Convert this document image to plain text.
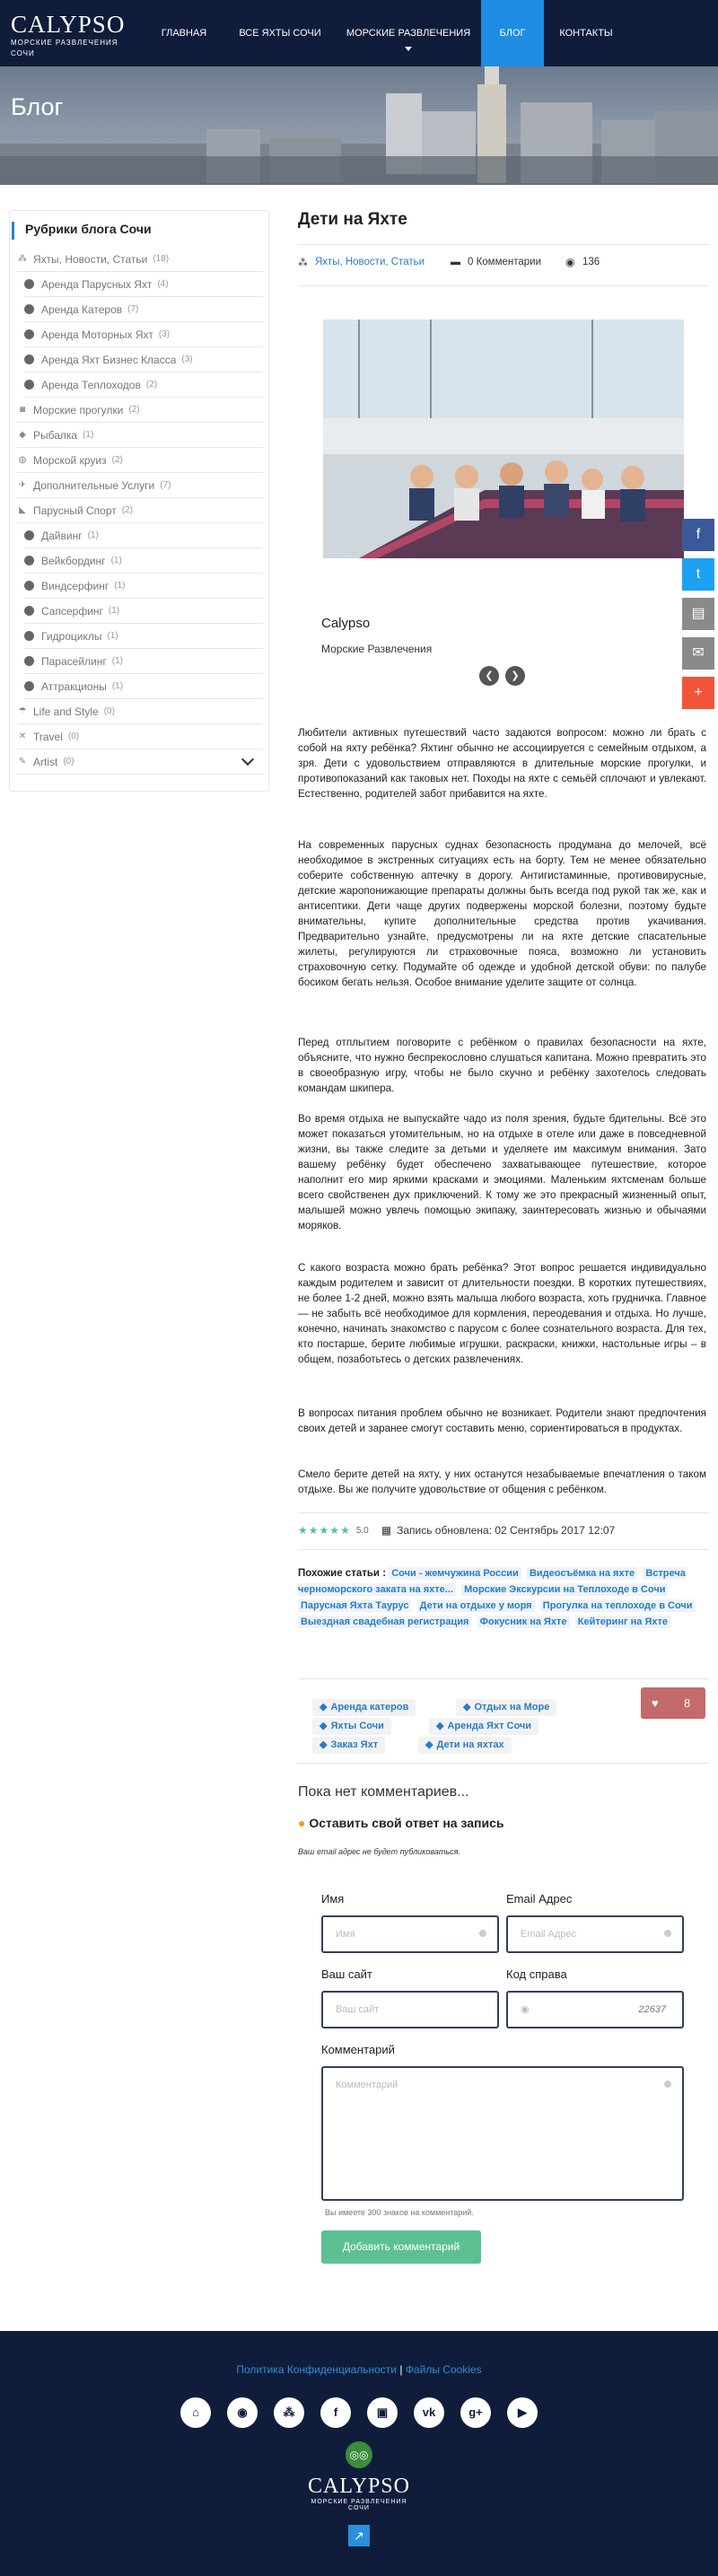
CALYPSO
МОРСКИЕ РАЗВЛЕЧЕНИЯ СОЧИ
ГЛАВНАЯ	ВСЕ ЯХТЫ СОЧИ	МОРСКИЕ РАЗВЛЕЧЕНИЯ	БЛОГ	КОНТАКТЫ
Блог
Рубрики блога Сочи
⁂ Яхты, Новости, Статьи (18)
Аренда Парусных Яхт (4)
Аренда Катеров (7)
Аренда Моторных Яхт (3)
Аренда Яхт Бизнес Класса (3)
Аренда Теплоходов (2)
◙ Морские прогулки (2)
◆ Рыбалка (1)
◍ Морской круиз (2)
✈ Дополнительные Услуги (7)
◣ Парусный Спорт (2)
Дайвинг (1)
Вейкбординг (1)
Виндсерфинг (1)
Сапсерфинг (1)
Гидроциклы (1)
Парасейлинг (1)
Аттракционы (1)
☂ Life and Style (0)
✕ Travel (0)
✎ Artist (0)
Дети на Яхте
⁂ Яхты, Новости, Статьи	▬ 0 Комментарии ◉ 136
Calypso
Морские Развлечения
❮	❯
f
t
▤
✉
+
Любители активных путешествий часто задаются вопросом: можно ли брать с собой на яхту ребёнка? Яхтинг обычно не ассоциируется с семейным отдыхом, а зря. Дети с удовольствием отправляются в длительные морские прогулки, и противопоказаний как таковых нет. Походы на яхте с семьёй сплочают и увлекают. Естественно, родителей забот прибавится на яхте.
На современных парусных суднах безопасность продумана до мелочей, всё необходимое в экстренных ситуациях есть на борту. Тем не менее обязательно соберите собственную аптечку в дорогу. Антигистаминные, противовирусные, детские жаропонижающие препараты должны быть всегда под рукой так же, как и антисептики. Дети чаще других подвержены морской болезни, поэтому будьте внимательны, купите дополнительные средства против укачивания. Предварительно узнайте, предусмотрены ли на яхте детские спасательные жилеты, регулируются ли страховочные пояса, возможно ли установить страховочную сетку. Подумайте об одежде и удобной детской обуви: по палубе босиком бегать нельзя. Особое внимание уделите защите от солнца.
Перед отплытием поговорите с ребёнком о правилах безопасности на яхте, объясните, что нужно беспрекословно слушаться капитана. Можно превратить это в своеобразную игру, чтобы не было скучно и ребёнку захотелось следовать командам шкипера.
Во время отдыха не выпускайте чадо из поля зрения, будьте бдительны. Всё это может показаться утомительным, но на отдыхе в отеле или даже в повседневной жизни, вы также следите за детьми и уделяете им максимум внимания. Зато вашему ребёнку будет обеспечено захватывающее путешествие, которое наполнит его мир яркими красками и эмоциями. Маленьким яхтсменам больше всего свойственен дух приключений. К тому же это прекрасный жизненный опыт, малышей можно увлечь помощью экипажу, заинтересовать жизнью и обычаями моряков.
С какого возраста можно брать ребёнка? Этот вопрос решается индивидуально каждым родителем и зависит от длительности поездки. В коротких путешествиях, не более 1-2 дней, можно взять малыша любого возраста, хоть грудничка. Главное — не забыть всё необходимое для кормления, переодевания и отдыха. Но лучше, конечно, начинать знакомство с парусом с более сознательного возраста. Для тех, кто постарше, берите любимые игрушки, раскраски, книжки, настольные игры – в общем, позаботьтесь о детских развлечениях.
В вопросах питания проблем обычно не возникает. Родители знают предпочтения своих детей и заранее смогут составить меню, сориентироваться в продуктах.
Смело берите детей на яхту, у них останутся незабываемые впечатления о таком отдыхе. Вы же получите удовольствие от общения с ребёнком.
★ ★ ★ ★ ★ 5.0 ▦ Запись обновлена: 02 Сентябрь 2017 12:07
Похожие статьи : Сочи - жемчужина России Видеосъёмка на яхте Встреча черноморского заката на яхте... Морские Экскурсии на Теплоходе в Сочи Парусная Яхта Таурус Дети на отдыхе у моря Прогулка на теплоходе в Сочи Выездная свадебная регистрация Фокусник на Яхте Кейтеринг на Яхте
◆ Аренда катеров	◆ Отдых на Море
◆ Яхты Сочи	◆ Аренда Яхт Сочи
◆ Заказ Яхт	◆ Дети на яхтах
♥ 8
Пока нет комментариев...
● Оставить свой ответ на запись
Ваш email адрес не будет публиковаться.
Имя	Email Адрес
Имя	Email Адрес
Ваш сайт	Код справа
Ваш сайт	◉	22637
Комментарий
Комментарий
Вы имеете 300 знаков на комментарий.
Добавить комментарий
Политика Конфиденциальности | Файлы Cookies
⌂	◉	⁂	f	▣	vk	g+	▶
◎◎
CALYPSO
МОРСКИЕ РАЗВЛЕЧЕНИЯ СОЧИ
↗
